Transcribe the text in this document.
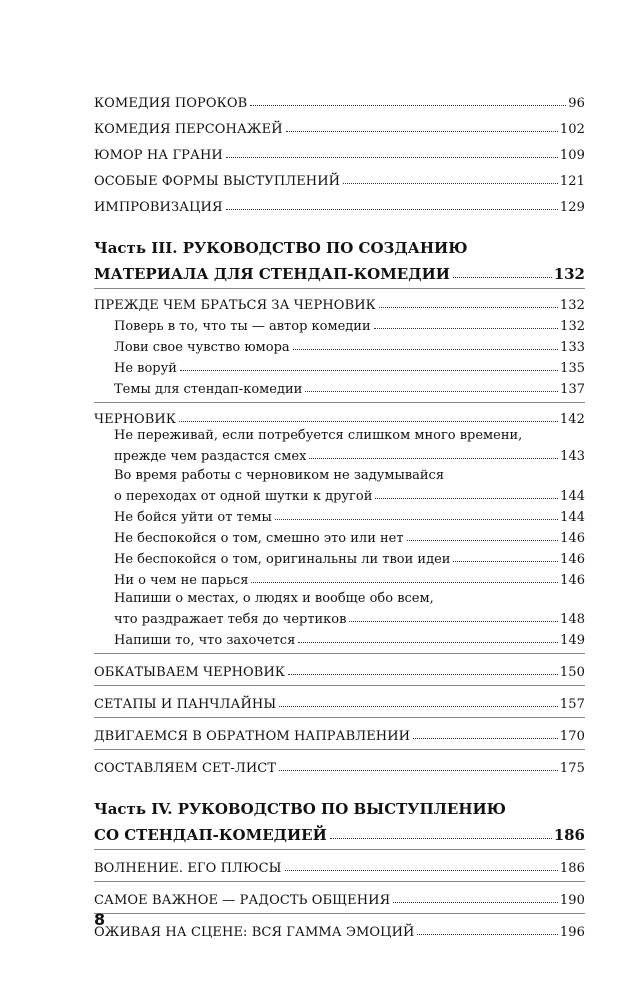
КОМЕДИЯ ПОРОКОВ	96
КОМЕДИЯ ПЕРСОНАЖЕЙ	102
ЮМОР НА ГРАНИ	109
ОСОБЫЕ ФОРМЫ ВЫСТУПЛЕНИЙ	121
ИМПРОВИЗАЦИЯ	129
Часть III. РУКОВОДСТВО ПО СОЗДАНИЮ
МАТЕРИАЛА ДЛЯ СТЕНДАП-КОМЕДИИ	132
ПРЕЖДЕ ЧЕМ БРАТЬСЯ ЗА ЧЕРНОВИК	132
Поверь в то, что ты — автор комедии	132
Лови свое чувство юмора	133
Не воруй	135
Темы для стендап-комедии	137
ЧЕРНОВИК	142
Не переживай, если потребуется слишком много времени,
прежде чем раздастся смех	143
Во время работы с черновиком не задумывайся
о переходах от одной шутки к другой	144
Не бойся уйти от темы	144
Не беспокойся о том, смешно это или нет	146
Не беспокойся о том, оригинальны ли твои идеи	146
Ни о чем не парься	146
Напиши о местах, о людях и вообще обо всем,
что раздражает тебя до чертиков	148
Напиши то, что захочется	149
ОБКАТЫВАЕМ ЧЕРНОВИК	150
СЕТАПЫ И ПАНЧЛАЙНЫ	157
ДВИГАЕМСЯ В ОБРАТНОМ НАПРАВЛЕНИИ	170
СОСТАВЛЯЕМ СЕТ-ЛИСТ	175
Часть IV. РУКОВОДСТВО ПО ВЫСТУПЛЕНИЮ
СО СТЕНДАП-КОМЕДИЕЙ	186
ВОЛНЕНИЕ. ЕГО ПЛЮСЫ	186
САМОЕ ВАЖНОЕ — РАДОСТЬ ОБЩЕНИЯ	190
ОЖИВАЯ НА СЦЕНЕ: ВСЯ ГАММА ЭМОЦИЙ	196
8
